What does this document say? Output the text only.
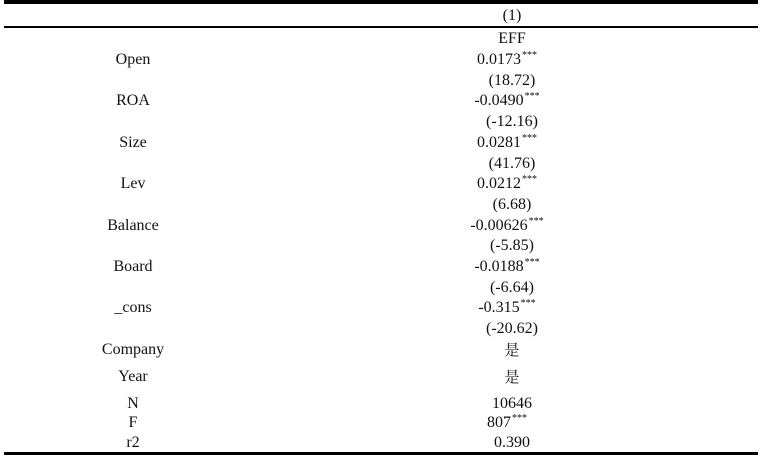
(1)
EFF
Open	0.0173***
(18.72)
ROA	-0.0490***
(-12.16)
Size	0.0281***
(41.76)
Lev	0.0212***
(6.68)
Balance	-0.00626***
(-5.85)
Board	-0.0188***
(-6.64)
_cons	-0.315***
(-20.62)
Company	是
Year	是
N	10646
F	807***
r2	0.390
